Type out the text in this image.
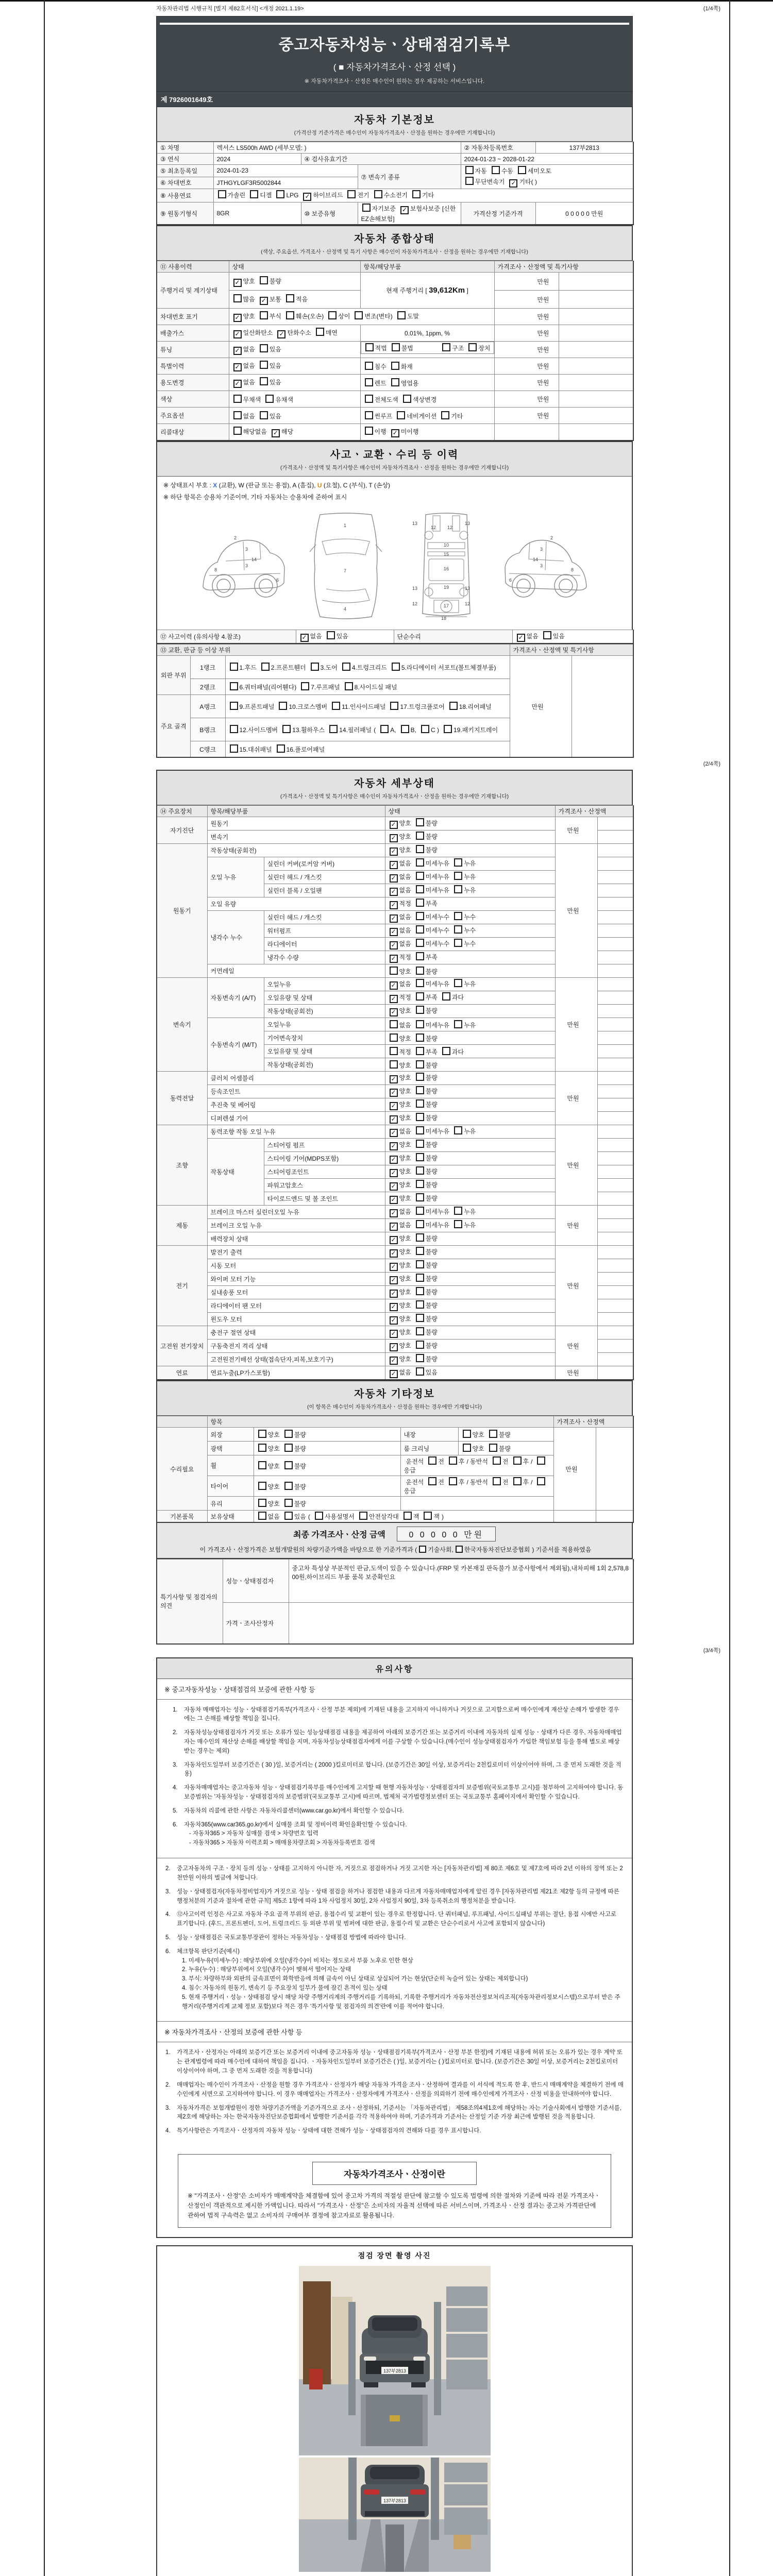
자동차관리법 시행규칙 [별지 제82호서식] <개정 2021.1.19>	(1/4쪽)
중고자동차성능ㆍ상태점검기록부
( ■ 자동차가격조사ㆍ산정 선택 )
※ 자동차가격조사ㆍ산정은 매수인이 원하는 경우 제공하는 서비스입니다.
제 7926001649호
자동차 기본정보
(가격산정 기준가격은 매수인이 자동차가격조사ㆍ산정을 원하는 경우에만 기재합니다)
① 차명	렉서스 LS500h AWD (세부모델: )			② 자동차등록번호	137부2813
③ 연식	2024	④ 검사유효기간		2024-01-23 ~ 2028-01-22	
⑤ 최초등록일	2024-01-23		⑦ 변속기 종류	자동 수동 세미오토
무단변속기 ✓ 기타( )	

⑥ 차대번호	JTHGYLGF3R5002844				
⑧ 사용연료	가솔린 디젤 LPG ✓ 하이브리드 전기 수소전기 기타				
⑨ 원동기형식	8GR	⑩ 보증유형	자기보증 ✓ 보험사보증 [신한EZ손해보험]	가격산정 기준가격	0 0 0 0 0 만원
자동차 종합상태
(색상, 주요옵션, 가격조사ㆍ산정액 및 특기 사항은 매수인이 자동차가격조사ㆍ산정을 원하는 경우에만 기재합니다)
⑪ 사용이력	상태	항목/해당부품	가격조사ㆍ산정액 및 특기사항	
주행거리 및 계기상태	✓ 양호 불량	현재 주행거리 [ 39,612Km ]	만원	
	많음 ✓ 보통 적음		만원	
차대번호 표기	✓ 양호 부식 훼손(오손) 상이 변조(변타) 도말		만원	
배출가스	✓ 일산화탄소 ✓ 탄화수소 매연	0.01%, 1ppm, %	만원	
튜닝	✓ 없음 있음		적법 불법	구조 장치	만원	
특별이력	✓ 없음 있음	침수 화재	만원	
용도변경	✓ 없음 있음	렌트 영업용	만원	
색상	무채색 유채색	전체도색 색상변경	만원	
주요옵션	없음 있음	썬루프 네비게이션 기타	만원	
리콜대상	해당없음 ✓ 해당	이행 ✓ 미이행		
사고ㆍ교환ㆍ수리 등 이력
(가격조사ㆍ산정액 및 특기사항은 매수인이 자동차가격조사ㆍ산정을 원하는 경우에만 기재합니다)
※ 상태표시 부호 : X (교환), W (판금 또는 용접), A (흠집), U (요철), C (부식), T (손상)
※ 하단 항목은 승용차 기준이며, 기타 자동차는 승용차에 준하여 표시
3
3
8
14
6
2
1
7
4
13	13
12 12
10
15
16
19
13	13
12	12
17
18
3
3
8
14
6
2
⑫ 사고이력 (유의사항 4.참조)	✓ 없음 있음	단순수리	✓ 없음 있음
⑬ 교환, 판금 등 이상 부위			가격조사ㆍ산정액 및 특기사항	
외판 부위	1랭크	1.후드 2.프론트휀더 3.도어 4.트렁크리드 5.라디에이터 서포트(볼트체결부품)	만원	
	2랭크	6.쿼터패널(리어휀다) 7.루프패널 8.사이드실 패널		
주요 골격	A랭크	9.프론트패널 10.크로스멤버 11.인사이드패널 17.트렁크플로어 18.리어패널		
	B랭크	12.사이드멤버 13.휠하우스 14.필러패널 ( A, B, C ) 19.패키지트레이		
	C랭크	15.대쉬패널 16.플로어패널		
(2/4쪽)
자동차 세부상태
(가격조사ㆍ산정액 및 특기사항은 매수인이 자동차가격조사ㆍ산정을 원하는 경우에만 기재합니다)
⑭ 주요장치	항목/해당부품		상태	가격조사ㆍ산정액	
자기진단	원동기		✓ 양호 불량	만원	
	변속기		✓ 양호 불량		
원동기	작동상태(공회전)		✓ 양호 불량	만원	
	오일 누유	실린더 커버(로커암 커버)	✓ 없음 미세누유 누유		
		실린더 헤드 / 개스킷	✓ 없음 미세누유 누유		
		실린더 블록 / 오일팬	✓ 없음 미세누유 누유		
	오일 유량		✓ 적정 부족		
	냉각수 누수	실린더 헤드 / 개스킷	✓ 없음 미세누수 누수		
		워터펌프	✓ 없음 미세누수 누수		
		라디에이터	✓ 없음 미세누수 누수		
		냉각수 수량	✓ 적정 부족		
	커먼레일		양호 불량		
변속기	자동변속기 (A/T)	오일누유	✓ 없음 미세누유 누유	만원	
		오일유량 및 상태	✓ 적정 부족 과다		
		작동상태(공회전)	✓ 양호 불량		
	수동변속기 (M/T)	오일누유	없음 미세누유 누유		
		기어변속장치	양호 불량		
		오일유량 및 상태	적정 부족 과다		
		작동상태(공회전)	양호 불량		
동력전달	클러치 어셈블리		✓ 양호 불량	만원	
	등속조인트		✓ 양호 불량		
	추진축 및 베어링		✓ 양호 불량		
	디퍼렌셜 기어		✓ 양호 불량		
조향	동력조향 작동 오일 누유		✓ 없음 미세누유 누유	만원	
	작동상태	스티어링 펌프	✓ 양호 불량		
		스티어링 기어(MDPS포함)	✓ 양호 불량		
		스티어링조인트	✓ 양호 불량		
		파워고압호스	✓ 양호 불량		
		타이로드엔드 및 볼 조인트	✓ 양호 불량		
제동	브레이크 마스터 실린더오일 누유		✓ 없음 미세누유 누유	만원	
	브레이크 오일 누유		✓ 없음 미세누유 누유		
	배력장치 상태		✓ 양호 불량		
전기	발전기 출력		✓ 양호 불량	만원	
	시동 모터		✓ 양호 불량		
	와이퍼 모터 기능		✓ 양호 불량		
	실내송풍 모터		✓ 양호 불량		
	라디에이터 팬 모터		✓ 양호 불량		
	윈도우 모터		✓ 양호 불량		
고전원 전기장치	충전구 절연 상태		✓ 양호 불량	만원	
	구동축전지 격리 상태		✓ 양호 불량		
	고전원전기배선 상태(접속단자,피복,보호기구)		✓ 양호 불량		
연료	연료누출(LP가스포함)		✓ 없음 있음	만원	
자동차 기타정보
(이 항목은 매수인이 자동차가격조사ㆍ산정을 원하는 경우에만 기재합니다)
	항목				가격조사ㆍ산정액	
수리필요	외장	양호 불량	내장	양호 불량	만원	
	광택	양호 불량	룸 크리닝	양호 불량		
	휠	양호 불량	운전석 전 후 / 동반석 전 후 /응급			
	타이어	양호 불량	운전석 전 후 / 동반석 전 후 /응급			
	유리	양호 불량				
기본품목	보유상태	없음 있음 ( 사용설명서 안전삼각대 잭 잭 )				
최종 가격조사ㆍ산정 금액	0 0 0 0 0 만원
이 가격조사ㆍ산정가격은 보험개발원의 차량기준가액을 바탕으로 한 기준가격과 ( 기술사회, 한국자동차진단보증협회 ) 기준서를 적용하였음
특기사항 및 점검자의 의견	성능ㆍ상태점검자	중고차 특성상 부분적인 판금,도색이 있을 수 있습니다.(FRP 및 카본재질 판독불가 보증사항에서 제외됨),내차피해 1회 2,578,800원,하이브리드 부품 품목 보증확인요
	가격ㆍ조사산정자	
(3/4쪽)
유의사항
※ 중고자동차성능ㆍ상태점검의 보증에 관한 사항 등
1.	자동차 매매업자는 성능ㆍ상태점검기록부(가격조사ㆍ산정 부분 제외)에 기재된 내용을 고지하지 아니하거나 거짓으로 고지함으로써 매수인에게 재산상 손해가 발생한 경우에는 그 손해를 배상할 책임을 집니다.
2.	자동차성능상태점검자가 거짓 또는 오류가 있는 성능상태점검 내용을 제공하여 아래의 보증기간 또는 보증거리 이내에 자동차의 실제 성능ㆍ상태가 다른 경우, 자동차매매업자는 매수인의 재산상 손해를 배상할 책임을 지며, 자동차성능상태점검자에게 이를 구상할 수 있습니다.(매수인이 성능상태점검자가 가입한 책임보험 등을 통해 별도로 배상받는 경우는 제외)
3.	자동차인도일부터 보증기간은 ( 30 )일, 보증거리는 ( 2000 )킬로미터로 합니다. (보증기간은 30일 이상, 보증거리는 2천킬로미터 이상이어야 하며, 그 중 먼저 도래한 것을 적용)
4.	자동차매매업자는 중고자동차 성능ㆍ상태점검기록부를 매수인에게 고지할 때 현행 자동차성능ㆍ상태점검자의 보증범위(국토교통부 고시)를 첨부하여 고지하여야 합니다. 동 보증범위는 '자동차성능ㆍ상태점검자의 보증범위'(국토교통부 고시)에 따르며, 법제처 국가법령정보센터 또는 국토교통부 홈페이지에서 확인할 수 있습니다.
5.	자동차의 리콜에 관한 사항은 자동차리콜센터(www.car.go.kr)에서 확인할 수 있습니다.
6.	자동차365(www.car365.go.kr)에서 실매물 조회 및 정비이력 확인을확인할 수 있습니다.
- 자동차365 > 자동차 실매물 검색 > 차량번호 입력
- 자동차365 > 자동차 이력조회 > 매매용차량조회 > 자동차등록번호 검색
2.	중고자동차의 구조ㆍ장치 등의 성능ㆍ상태를 고지하지 아니한 자, 거짓으로 점검하거나 거짓 고지한 자는 [자동차관리법] 제 80조 제6호 및 제7호에 따라 2년 이하의 징역 또는 2천만원 이하의 벌금에 처합니다.
3.	성능ㆍ상태점검자(자동차정비업자)가 거짓으로 성능ㆍ상태 점검을 하거나 점검한 내용과 다르게 자동차매매업자에게 알린 경우 [자동차관리법 제21조 제2항 등의 규정에 따른 행정처분의 기준과 절차에 관한 규칙] 제5조 1항에 따라 1차 사업정지 30일, 2차 사업정지 90일, 3차 등록취소의 행정처분을 받습니다.
4.	⑫사고이력 인정은 사고로 자동차 주요 골격 부위의 판금, 용접수리 및 교환이 있는 경우로 한정합니다. 단 쿼터패널, 루프패널, 사이드실패널 부위는 절단, 용접 시에만 사고로 표기합니다. (후드, 프론트펜더, 도어, 트렁크리드 등 외판 부위 및 범퍼에 대한 판금, 용접수리 및 교환은 단순수리로서 사고에 포함되지 않습니다)
5.	성능ㆍ상태점검은 국토교통부장관이 정하는 자동차성능ㆍ상태점검 방법에 따라야 합니다.
6.	체크항목 판단기준(예시)
1. 미세누유(미세누수) : 해당부위에 오일(냉각수)이 비치는 정도로서 부품 노후로 인한 현상
2. 누유(누수) : 해당부위에서 오일(냉각수)이 맺혀서 떨어지는 상태
3. 부식: 차량하부와 외판의 금속표면이 화학반응에 의해 금속이 아닌 상태로 상실되어 가는 현상(단순히 녹슬어 있는 상태는 제외합니다)
4. 침수: 자동차의 원동기, 변속기 등 주요장치 일부가 물에 잠긴 흔적이 있는 상태
5. 현재 주행거리ㆍ성능ㆍ상태점검 당시 해당 차량 주행거리계의 주행거리를 기록하되, 기록한 주행거리가 자동차전산정보처리조직(자동차관리정보시스템)으로부터 받은 주행거리(주행거리계 교체 정보 포함)보다 적은 경우 '특기사항 및 점검자의 의견'란에 이를 적어야 합니다.
※ 자동차가격조사ㆍ산정의 보증에 관한 사항 등
1.	가격조사ㆍ산정자는 아래의 보증기간 또는 보증거리 이내에 중고자동차 성능ㆍ상태점검기록부(가격조사ㆍ산정 부분 한정)에 기재된 내용에 허위 또는 오류가 있는 경우 계약 또는 관계법령에 따라 매수인에 대하여 책임을 집니다. ㆍ자동차인도일부터 보증기간은 ( )일, 보증거리는 ( )킬로미터로 합니다. (보증기간은 30일 이상, 보증거리는 2천킬로미터 이상이어야 하며, 그 중 먼저 도래한 것을 적용합니다)
2.	매매업자는 매수인이 가격조사ㆍ산정을 원할 경우 가격조사ㆍ산정자가 해당 자동차 가격을 조사ㆍ산정하여 결과를 이 서식에 적도록 한 후, 반드시 매매계약을 체결하기 전에 매수인에게 서면으로 고지하여야 합니다. 이 경우 매매업자는 가격조사ㆍ산정자에게 가격조사ㆍ산정을 의뢰하기 전에 매수인에게 가격조사ㆍ산정 비용을 안내하여야 합니다.
3.	자동차가격은 보험개발원이 정한 차량기준가액을 기준가격으로 조사ㆍ산정하되, 기준서는 「자동차관리법」 제58조의4제1호에 해당하는 자는 기술사회에서 발행한 기준서를, 제2호에 해당하는 자는 한국자동차진단보증협회에서 발행한 기준서를 각각 적용하여야 하며, 기준가격과 기준서는 산정일 기준 가장 최근에 발행된 것을 적용합니다.
4.	특기사항란은 가격조사ㆍ산정자의 자동차 성능ㆍ상태에 대한 견해가 성능ㆍ상태점검자의 견해와 다를 경우 표시합니다.
자동차가격조사ㆍ산정이란
※ "가격조사ㆍ산정"은 소비자가 매매계약을 체결함에 있어 중고차 가격의 적절성 판단에 참고할 수 있도록 법령에 의한 절차와 기준에 따라 전문 가격조사ㆍ산정인이 객관적으로 제시한 가액입니다. 따라서 "가격조사ㆍ산정"은 소비자의 자율적 선택에 따른 서비스이며, 가격조사ㆍ산정 결과는 중고차 가격판단에 관하여 법적 구속력은 없고 소비자의 구매여부 결정에 참고자료로 활용됩니다.
점검 장면 촬영 사진
137부2813
137부2813
